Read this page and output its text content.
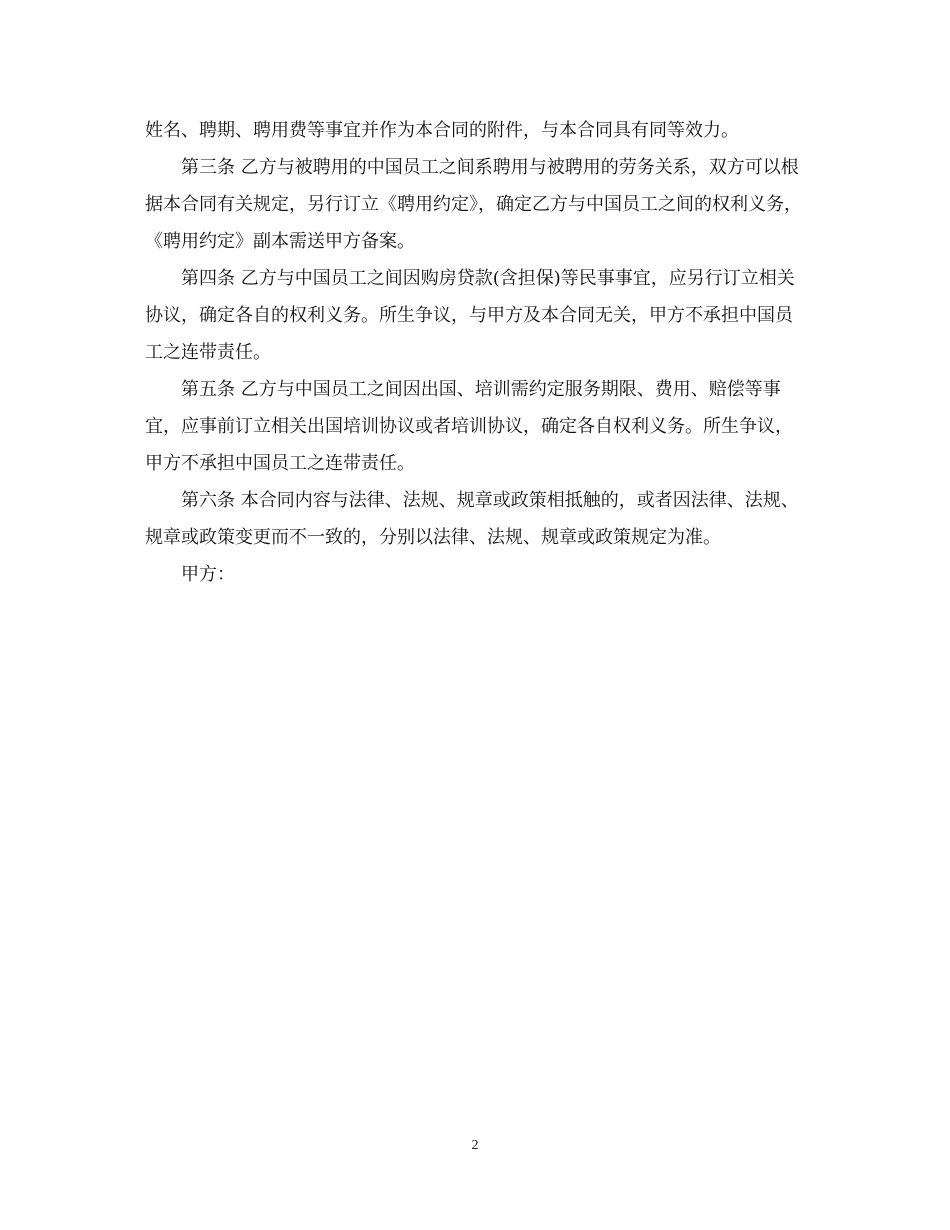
姓名、聘期、聘用费等事宜并作为本合同的附件，与本合同具有同等效力。

第三条 乙方与被聘用的中国员工之间系聘用与被聘用的劳务关系，双方可以根据本合同有关规定，另行订立《聘用约定》，确定乙方与中国员工之间的权利义务，《聘用约定》副本需送甲方备案。

第四条 乙方与中国员工之间因购房贷款(含担保)等民事事宜，应另行订立相关协议，确定各自的权利义务。所生争议，与甲方及本合同无关，甲方不承担中国员工之连带责任。

第五条 乙方与中国员工之间因出国、培训需约定服务期限、费用、赔偿等事宜，应事前订立相关出国培训协议或者培训协议，确定各自权利义务。所生争议，甲方不承担中国员工之连带责任。

第六条 本合同内容与法律、法规、规章或政策相抵触的，或者因法律、法规、规章或政策变更而不一致的，分别以法律、法规、规章或政策规定为准。

甲方：

2
